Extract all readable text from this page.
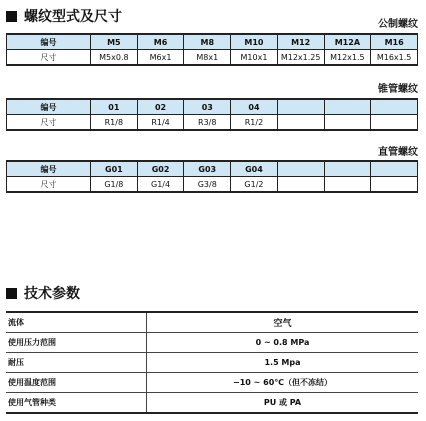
螺纹型式及尺寸	公制螺纹
编号	M5	M6	M8	M10	M12	M12A	M16
尺寸	M5x0.8	M6x1	M8x1	M10x1	M12x1.25	M12x1.5	M16x1.5
锥管螺纹
编号	01	02	03	04			
尺寸	R1/8	R1/4	R3/8	R1/2			
直管螺纹
编号	G01	G02	G03	G04			
尺寸	G1/8	G1/4	G3/8	G1/2			
技术参数
流体	空气
使用压力范围	0 ~ 0.8 MPa
耐压	1.5 Mpa
使用温度范围	−10 ~ 60℃（但不冻结）
使用气管种类	PU 或 PA
